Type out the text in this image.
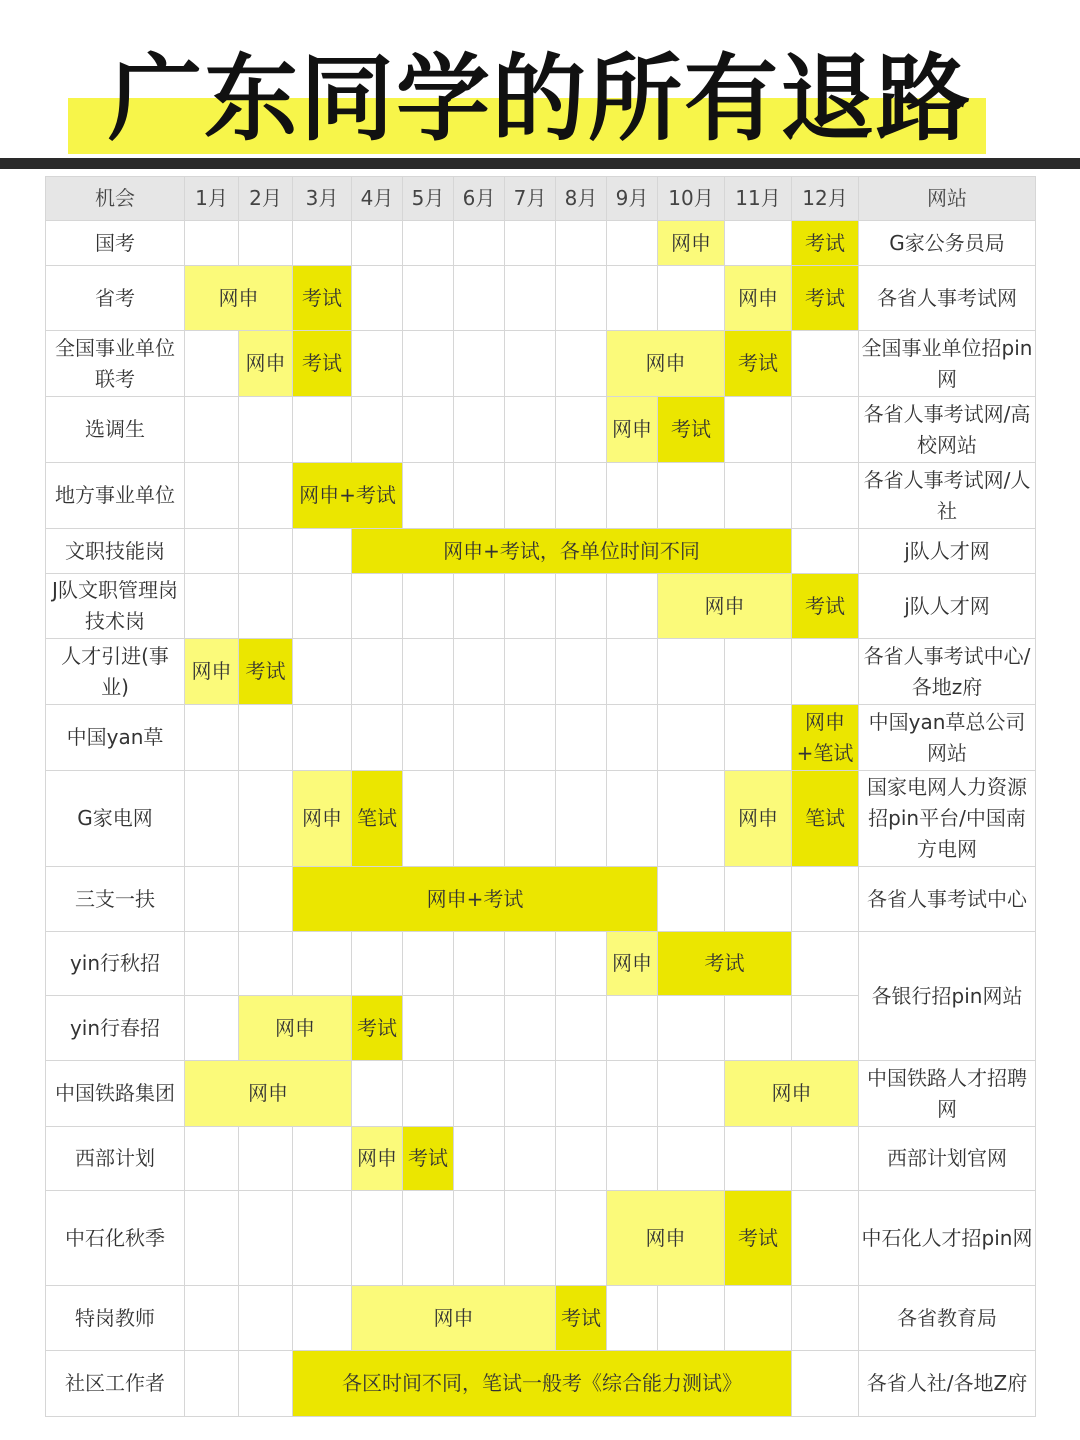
广东同学的所有退路
机会	1月	2月	3月	4月	5月	6月	7月	8月	9月	10月	11月	12月	网站
国考										网申		考试	G家公务员局
省考	网申		考试								网申	考试	各省人事考试网
全国事业单位联考		网申	考试						网申		考试		全国事业单位招pin网
选调生									网申	考试			各省人事考试网/高校网站
地方事业单位			网申+考试										各省人事考试网/人社
文职技能岗				网申+考试，各单位时间不同									j队人才网
J队文职管理岗技术岗										网申		考试	j队人才网
人才引进(事业)	网申	考试											各省人事考试中心/各地z府
中国yan草												网申+笔试	中国yan草总公司网站
G家电网			网申	笔试							网申	笔试	国家电网人力资源招pin平台/中国南方电网
三支一扶			网申+考试										各省人事考试中心
yin行秋招									网申	考试			各银行招pin网站
yin行春招		网申		考试									
中国铁路集团	网申										网申		中国铁路人才招聘网
西部计划				网申	考试								西部计划官网
中石化秋季									网申		考试		中石化人才招pin网
特岗教师				网申				考试					各省教育局
社区工作者			各区时间不同，笔试一般考《综合能力测试》										各省人社/各地Z府
